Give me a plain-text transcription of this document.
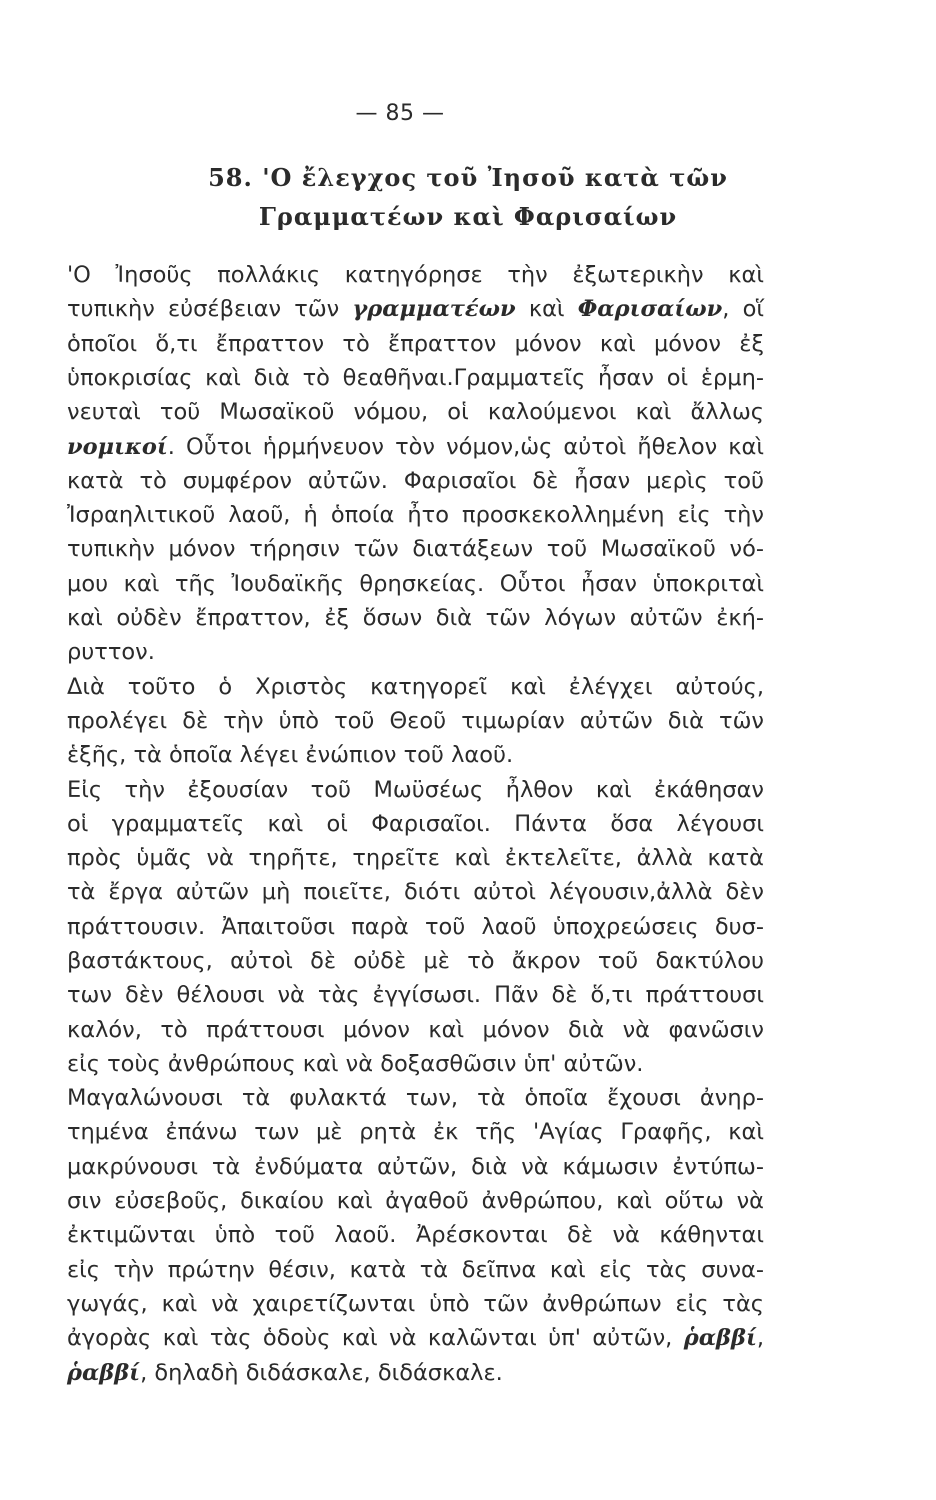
— 85 —
58. 'Ο ἔλεγχος τοῦ Ἰησοῦ κατὰ τῶν
Γραμματέων καὶ Φαρισαίων
'Ο Ἰησοῦς πολλάκις κατηγόρησε τὴν ἐξωτερικὴν καὶ
τυπικὴν εὐσέβειαν τῶν γραμματέων καὶ Φαρισαίων, οἵ
ὁποῖοι ὅ,τι ἔπραττον τὸ ἔπραττον μόνον καὶ μόνον ἐξ
ὑποκρισίας καὶ διὰ τὸ θεαθῆναι.Γραμματεῖς ἦσαν οἱ ἑρμη-
νευταὶ τοῦ Μωσαϊκοῦ νόμου, οἱ καλούμενοι καὶ ἄλλως
νομικοί. Οὗτοι ἡρμήνευον τὸν νόμον,ὡς αὐτοὶ ἤθελον καὶ
κατὰ τὸ συμφέρον αὐτῶν. Φαρισαῖοι δὲ ἦσαν μερὶς τοῦ
Ἰσραηλιτικοῦ λαοῦ, ἡ ὁποία ἦτο προσκεκολλημένη εἰς τὴν
τυπικὴν μόνον τήρησιν τῶν διατάξεων τοῦ Μωσαϊκοῦ νό-
μου καὶ τῆς Ἰουδαϊκῆς θρησκείας. Οὗτοι ἦσαν ὑποκριταὶ
καὶ οὐδὲν ἔπραττον, ἐξ ὅσων διὰ τῶν λόγων αὐτῶν ἐκή-
ρυττον.
Διὰ τοῦτο ὁ Χριστὸς κατηγορεῖ καὶ ἐλέγχει αὐτούς,
προλέγει δὲ τὴν ὑπὸ τοῦ Θεοῦ τιμωρίαν αὐτῶν διὰ τῶν
ἑξῆς, τὰ ὁποῖα λέγει ἐνώπιον τοῦ λαοῦ.
Εἰς τὴν ἐξουσίαν τοῦ Μωϋσέως ἦλθον καὶ ἐκάθησαν
οἱ γραμματεῖς καὶ οἱ Φαρισαῖοι. Πάντα ὅσα λέγουσι
πρὸς ὑμᾶς νὰ τηρῆτε, τηρεῖτε καὶ ἐκτελεῖτε, ἀλλὰ κατὰ
τὰ ἔργα αὐτῶν μὴ ποιεῖτε, διότι αὐτοὶ λέγουσιν,ἀλλὰ δὲν
πράττουσιν. Ἀπαιτοῦσι παρὰ τοῦ λαοῦ ὑποχρεώσεις δυσ-
βαστάκτους, αὐτοὶ δὲ οὐδὲ μὲ τὸ ἄκρον τοῦ δακτύλου
των δὲν θέλουσι νὰ τὰς ἐγγίσωσι. Πᾶν δὲ ὅ,τι πράττουσι
καλόν, τὸ πράττουσι μόνον καὶ μόνον διὰ νὰ φανῶσιν
εἰς τοὺς ἀνθρώπους καὶ νὰ δοξασθῶσιν ὑπ' αὐτῶν.
Μαγαλώνουσι τὰ φυλακτά των, τὰ ὁποῖα ἔχουσι ἀνηρ-
τημένα ἐπάνω των μὲ ρητὰ ἐκ τῆς 'Αγίας Γραφῆς, καὶ
μακρύνουσι τὰ ἐνδύματα αὐτῶν, διὰ νὰ κάμωσιν ἐντύπω-
σιν εὐσεβοῦς, δικαίου καὶ ἀγαθοῦ ἀνθρώπου, καὶ οὕτω νὰ
ἐκτιμῶνται ὑπὸ τοῦ λαοῦ. Ἀρέσκονται δὲ νὰ κάθηνται
εἰς τὴν πρώτην θέσιν, κατὰ τὰ δεῖπνα καὶ εἰς τὰς συνα-
γωγάς, καὶ νὰ χαιρετίζωνται ὑπὸ τῶν ἀνθρώπων εἰς τὰς
ἀγορὰς καὶ τὰς ὁδοὺς καὶ νὰ καλῶνται ὑπ' αὐτῶν, ῥαββί,
ῥαββί, δηλαδὴ διδάσκαλε, διδάσκαλε.
